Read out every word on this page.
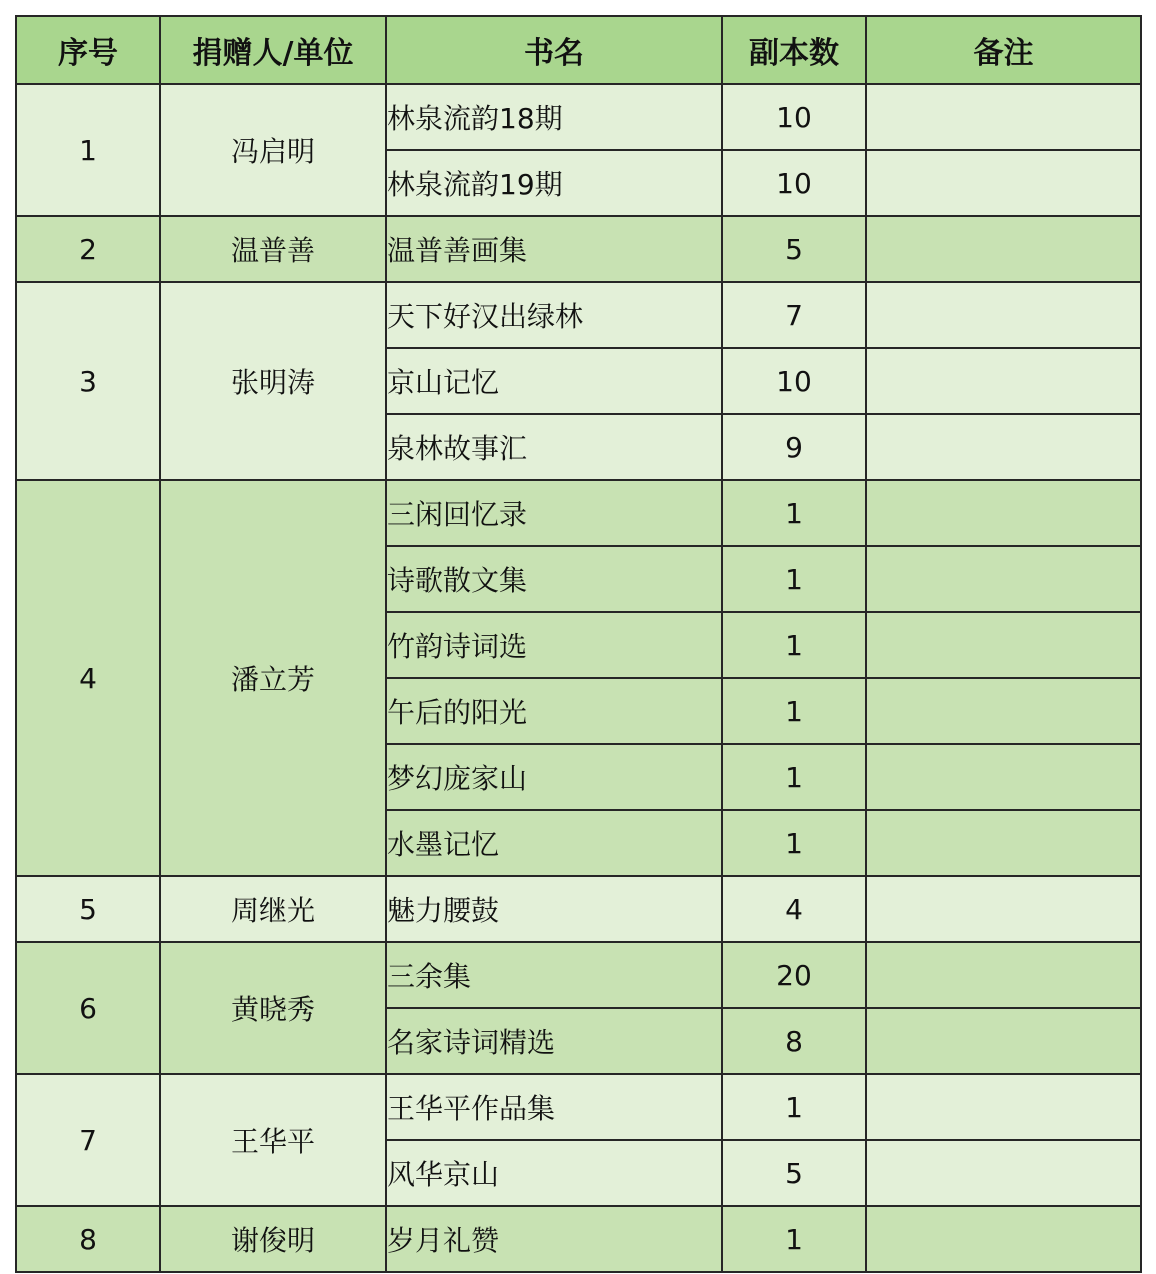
序号	捐赠人/单位	书名	副本数	备注
1	冯启明	林泉流韵18期	10	
		林泉流韵19期	10	
2	温普善	温普善画集	5	
3	张明涛	天下好汉出绿林	7	
		京山记忆	10	
		泉林故事汇	9	
4	潘立芳	三闲回忆录	1	
		诗歌散文集	1	
		竹韵诗词选	1	
		午后的阳光	1	
		梦幻庞家山	1	
		水墨记忆	1	
5	周继光	魅力腰鼓	4	
6	黄晓秀	三余集	20	
		名家诗词精选	8	
7	王华平	王华平作品集	1	
		风华京山	5	
8	谢俊明	岁月礼赞	1	
